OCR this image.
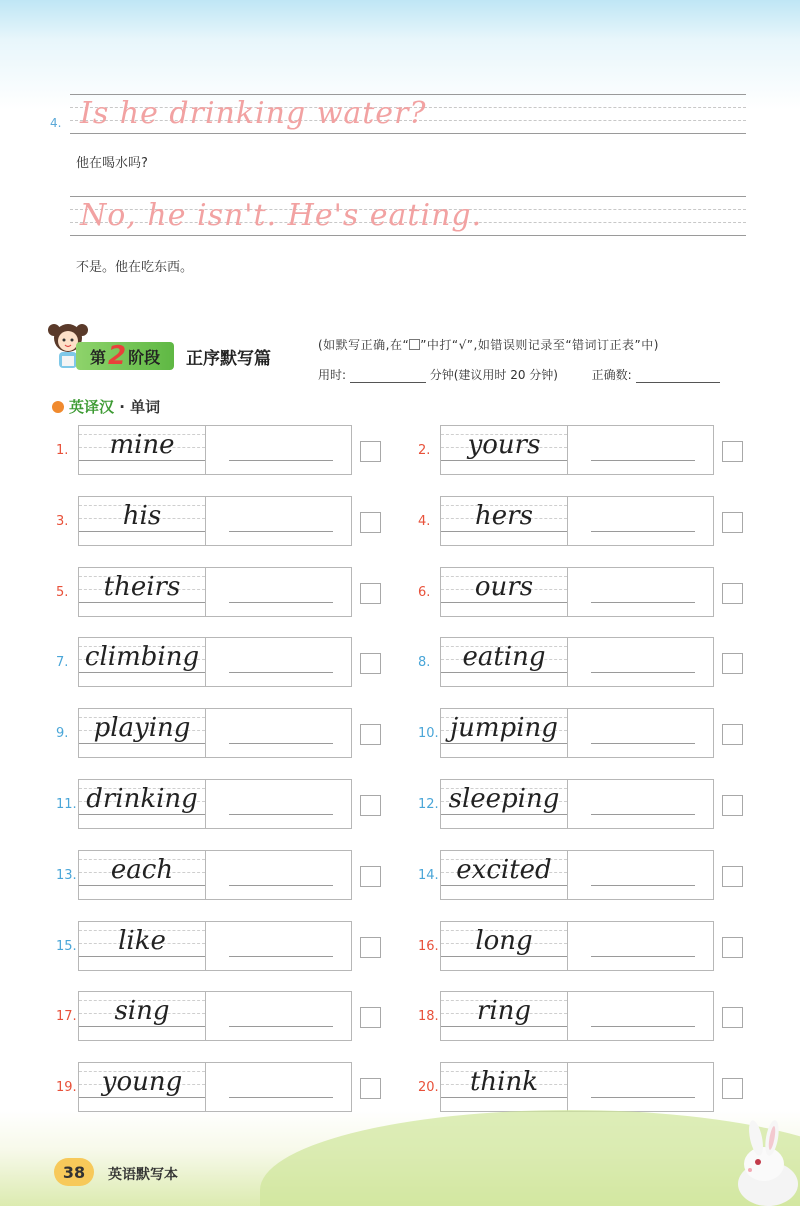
4. Is he drinking water?
他在喝水吗?
No, he isn't. He's eating.
不是。他在吃东西。
第 2 阶段 正序默写篇
(如默写正确,在“ ”中打“√”,如错误则记录至“错词订正表”中)
用时:	分钟(建议用时 20 分钟)	正确数:
英译汉 · 单词
1.	mine	2.	yours
3.	his	4.	hers
5.	theirs	6.	ours
7. climbing	8.	eating
9. playing	10. jumping
11. drinking	12. sleeping
13.	each	14. excited
15.	like	16.	long
17.	sing	18.	ring
19. young	20.	think
38	英语默写本
